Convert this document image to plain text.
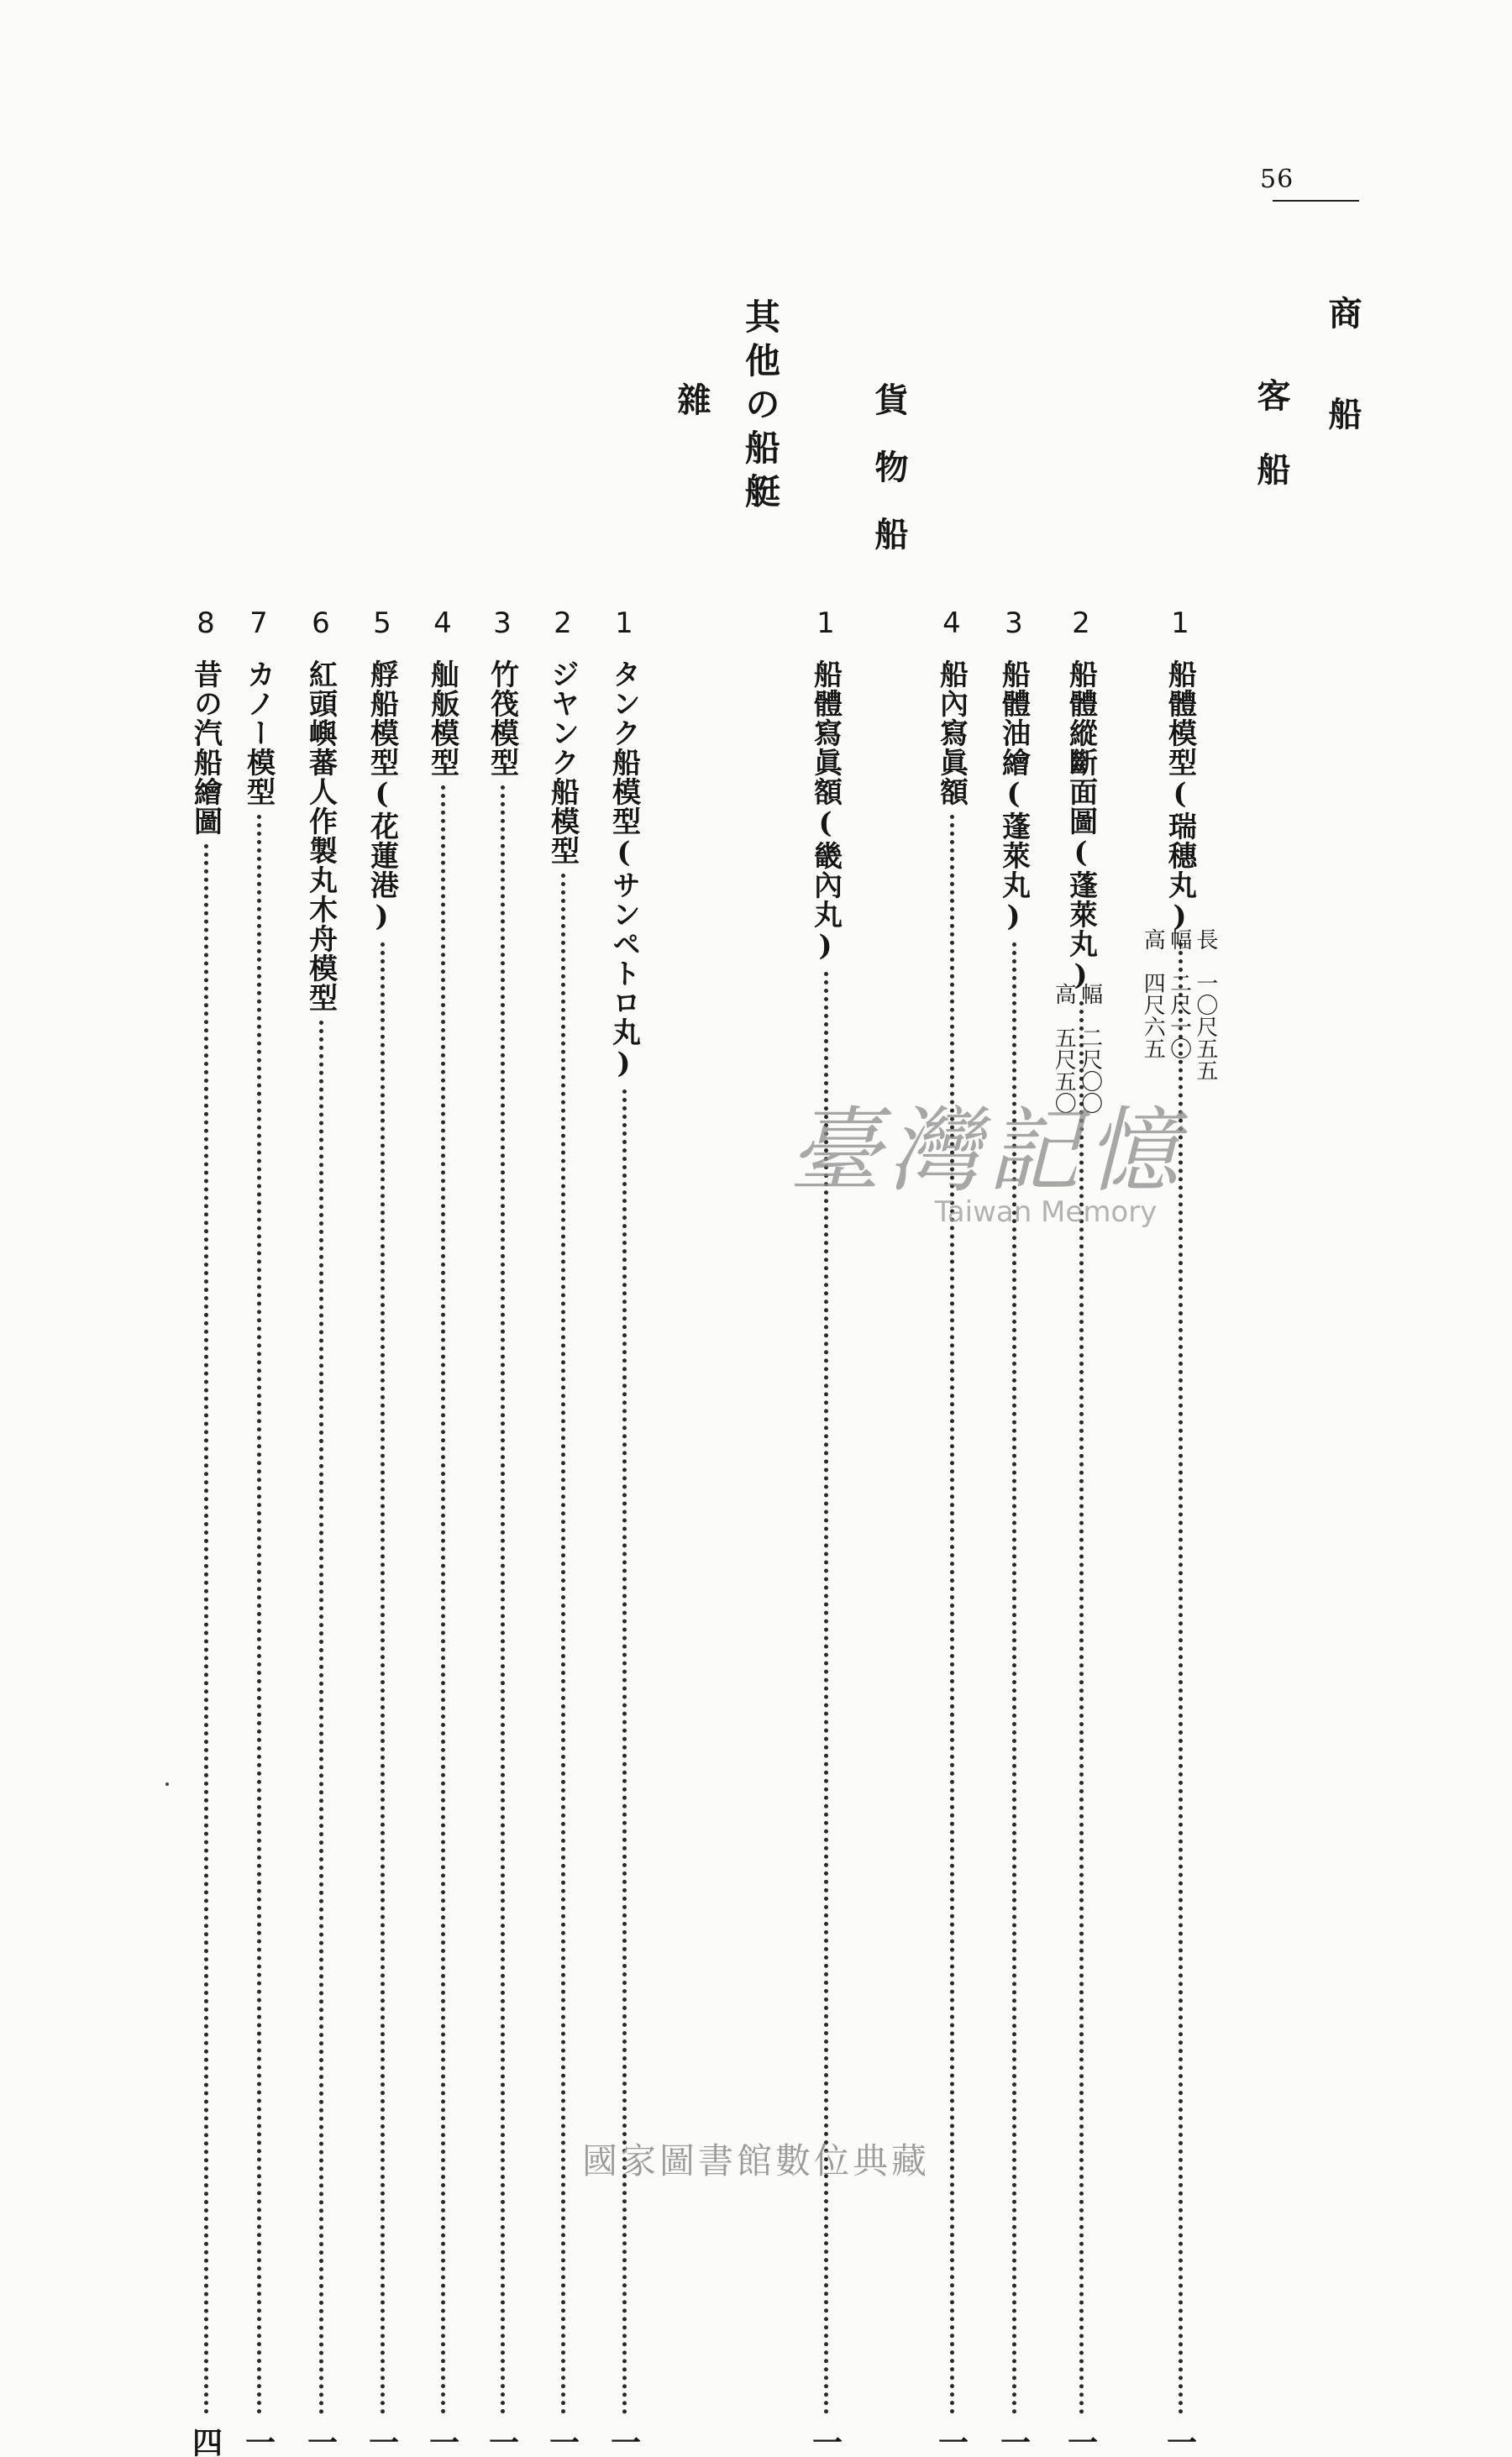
56
商　　船
客　船
貨　物　船
其他の船艇
雜
1
2
3
4
1
1
2
3
4
5
6
7
8
船體模型(瑞穗丸)
一
船體縱斷面圖(蓬萊丸)
一
船體油繪(蓬萊丸)
一
船內寫眞額
一
船體寫眞額(畿內丸)
一
タンク船模型(サンペトロ丸)
一
ジヤンク船模型
一
竹筏模型
一
舢舨模型
一
艀船模型(花蓮港)
一
紅頭嶼蕃人作製丸木舟模型
一
カノー模型
一
昔の汽船繪圖
四
長　一〇尺五五
幅　二尺一〇
高　四尺六五
幅　二尺〇〇
高　五尺五〇
臺灣記憶
Taiwan Memory
國家圖書館數位典藏
